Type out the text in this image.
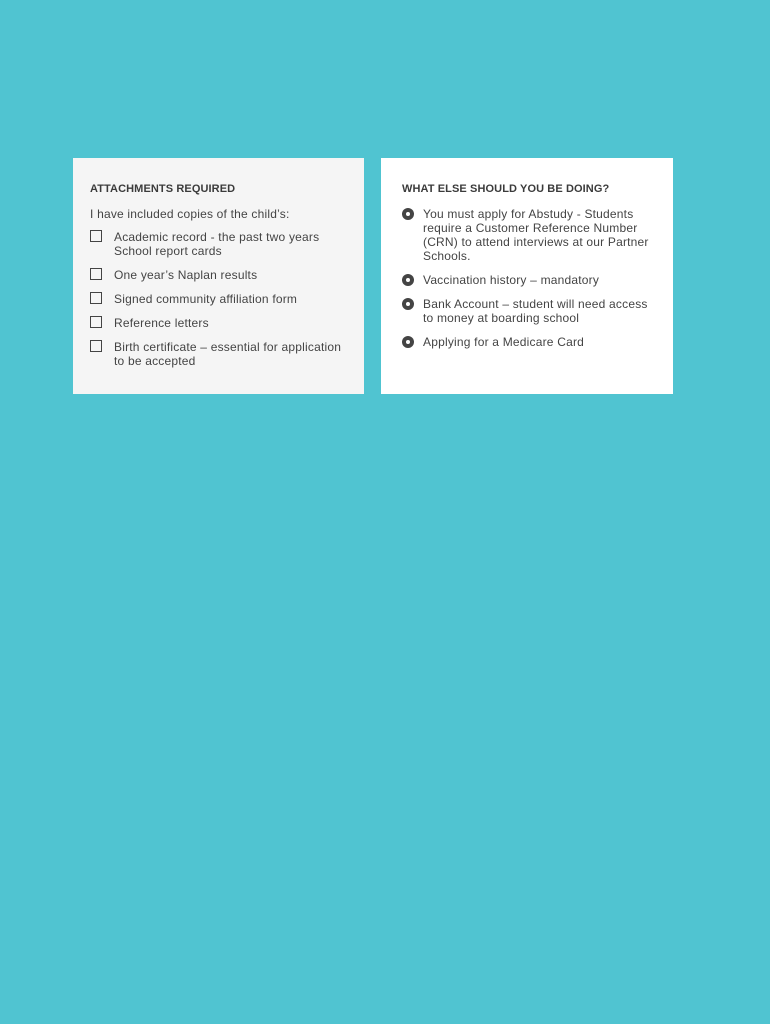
ATTACHMENTS REQUIRED
I have included copies of the child’s:
Academic record - the past two years School report cards
One year’s Naplan results
Signed community affiliation form
Reference letters
Birth certificate – essential for application to be accepted
WHAT ELSE SHOULD YOU BE DOING?
You must apply for Abstudy - Students require a Customer Reference Number (CRN) to attend interviews at our Partner Schools.
Vaccination history – mandatory
Bank Account – student will need access to money at boarding school
Applying for a Medicare Card
